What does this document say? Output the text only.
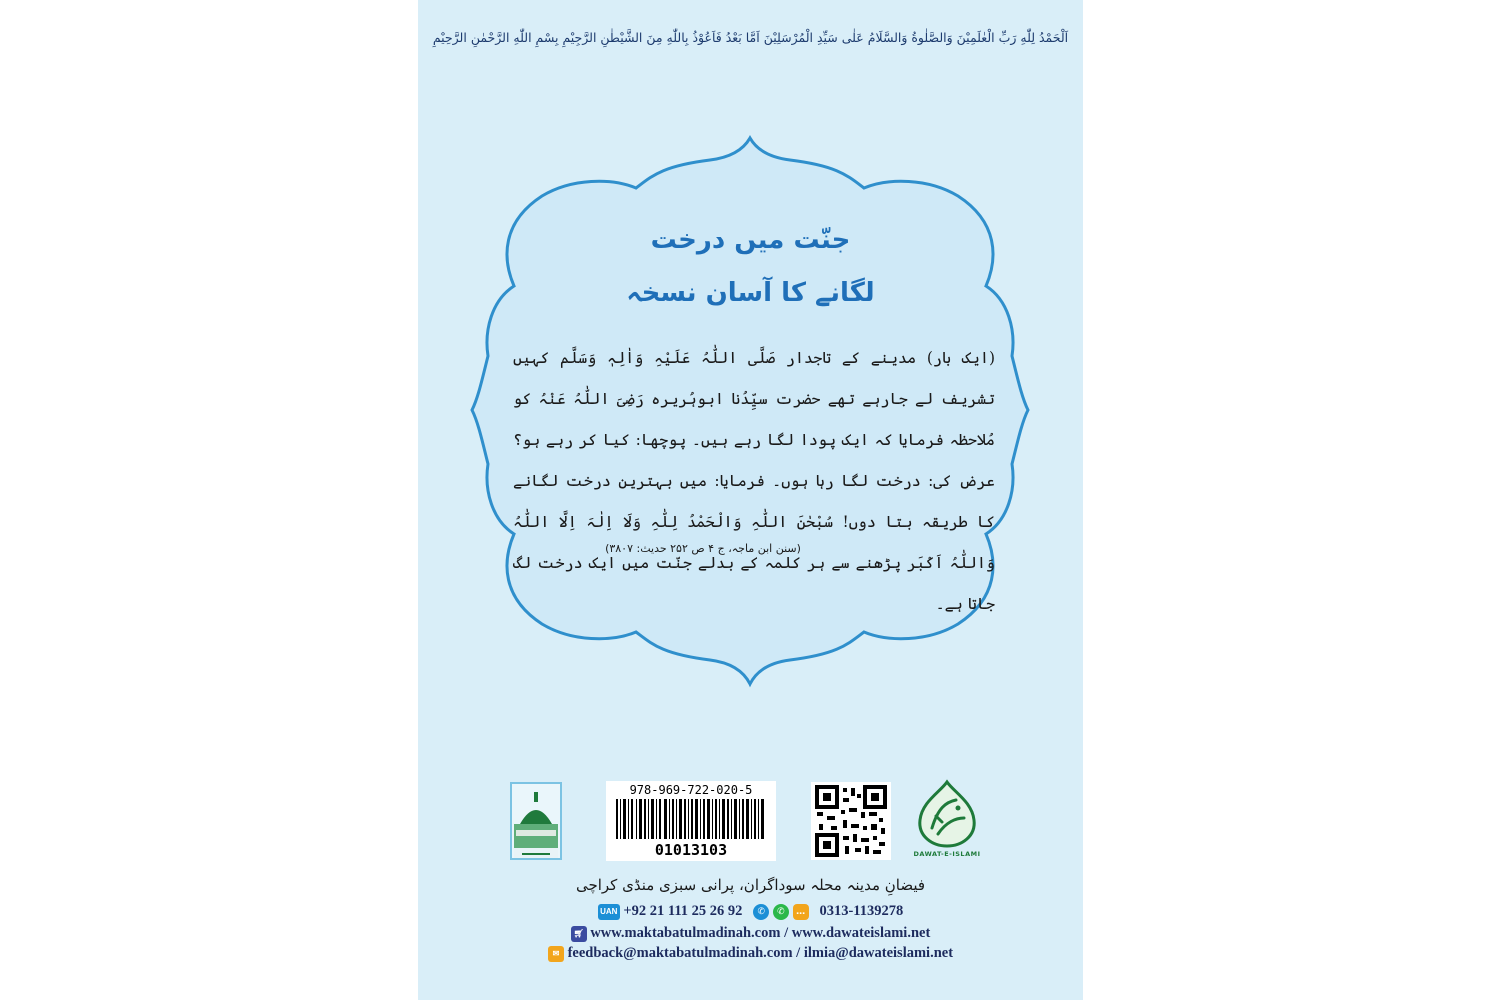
اَلْحَمْدُ لِلّٰهِ رَبِّ الْعٰلَمِيْنَ وَالصَّلٰوةُ وَالسَّلَامُ عَلٰى سَيِّدِ الْمُرْسَلِيْنَ اَمَّا بَعْدُ فَاَعُوْذُ بِاللّٰهِ مِنَ الشَّيْطٰنِ الرَّجِيْمِ بِسْمِ اللّٰهِ الرَّحْمٰنِ الرَّحِيْمِ
جنّت میں درخت
لگانے کا آسان نسخہ
(ایک بار) مدینے کے تاجدار صَلَّی اللّٰہُ عَلَیْہِ وَاٰلِہٖ وَسَلَّم کہیں تشریف لے جارہے تھے حضرت سیِّدُنا ابوہُریرہ رَضِیَ اللّٰہُ عَنْہُ کو مُلاحظہ فرمایا کہ ایک پودا لگا رہے ہیں۔ پوچھا: کیا کر رہے ہو؟ عرض کی: درخت لگا رہا ہوں۔ فرمایا: میں بہترین درخت لگانے کا طریقہ بتا دوں! سُبْحٰنَ اللّٰہِ وَالْحَمْدُ لِلّٰہِ وَلَا اِلٰہَ اِلَّا اللّٰہُ وَاللّٰہُ اَکْبَر پڑھنے سے ہر کلمہ کے بدلے جنّت میں ایک درخت لگ جاتا ہے۔
(سنن ابن ماجہ، ج ۴ ص ۲۵۲ حدیث: ۳۸۰۷)
978-969-722-020-5
01013103	DAWAT-E-ISLAMI
فیضانِ مدینہ محلہ سوداگران، پرانی سبزی منڈی کراچی
UAN +92 21 111 25 26 92 ✆ ✆ … 0313-1139278
🛒︎ www.maktabatulmadinah.com / www.dawateislami.net
✉ feedback@maktabatulmadinah.com / ilmia@dawateislami.net
